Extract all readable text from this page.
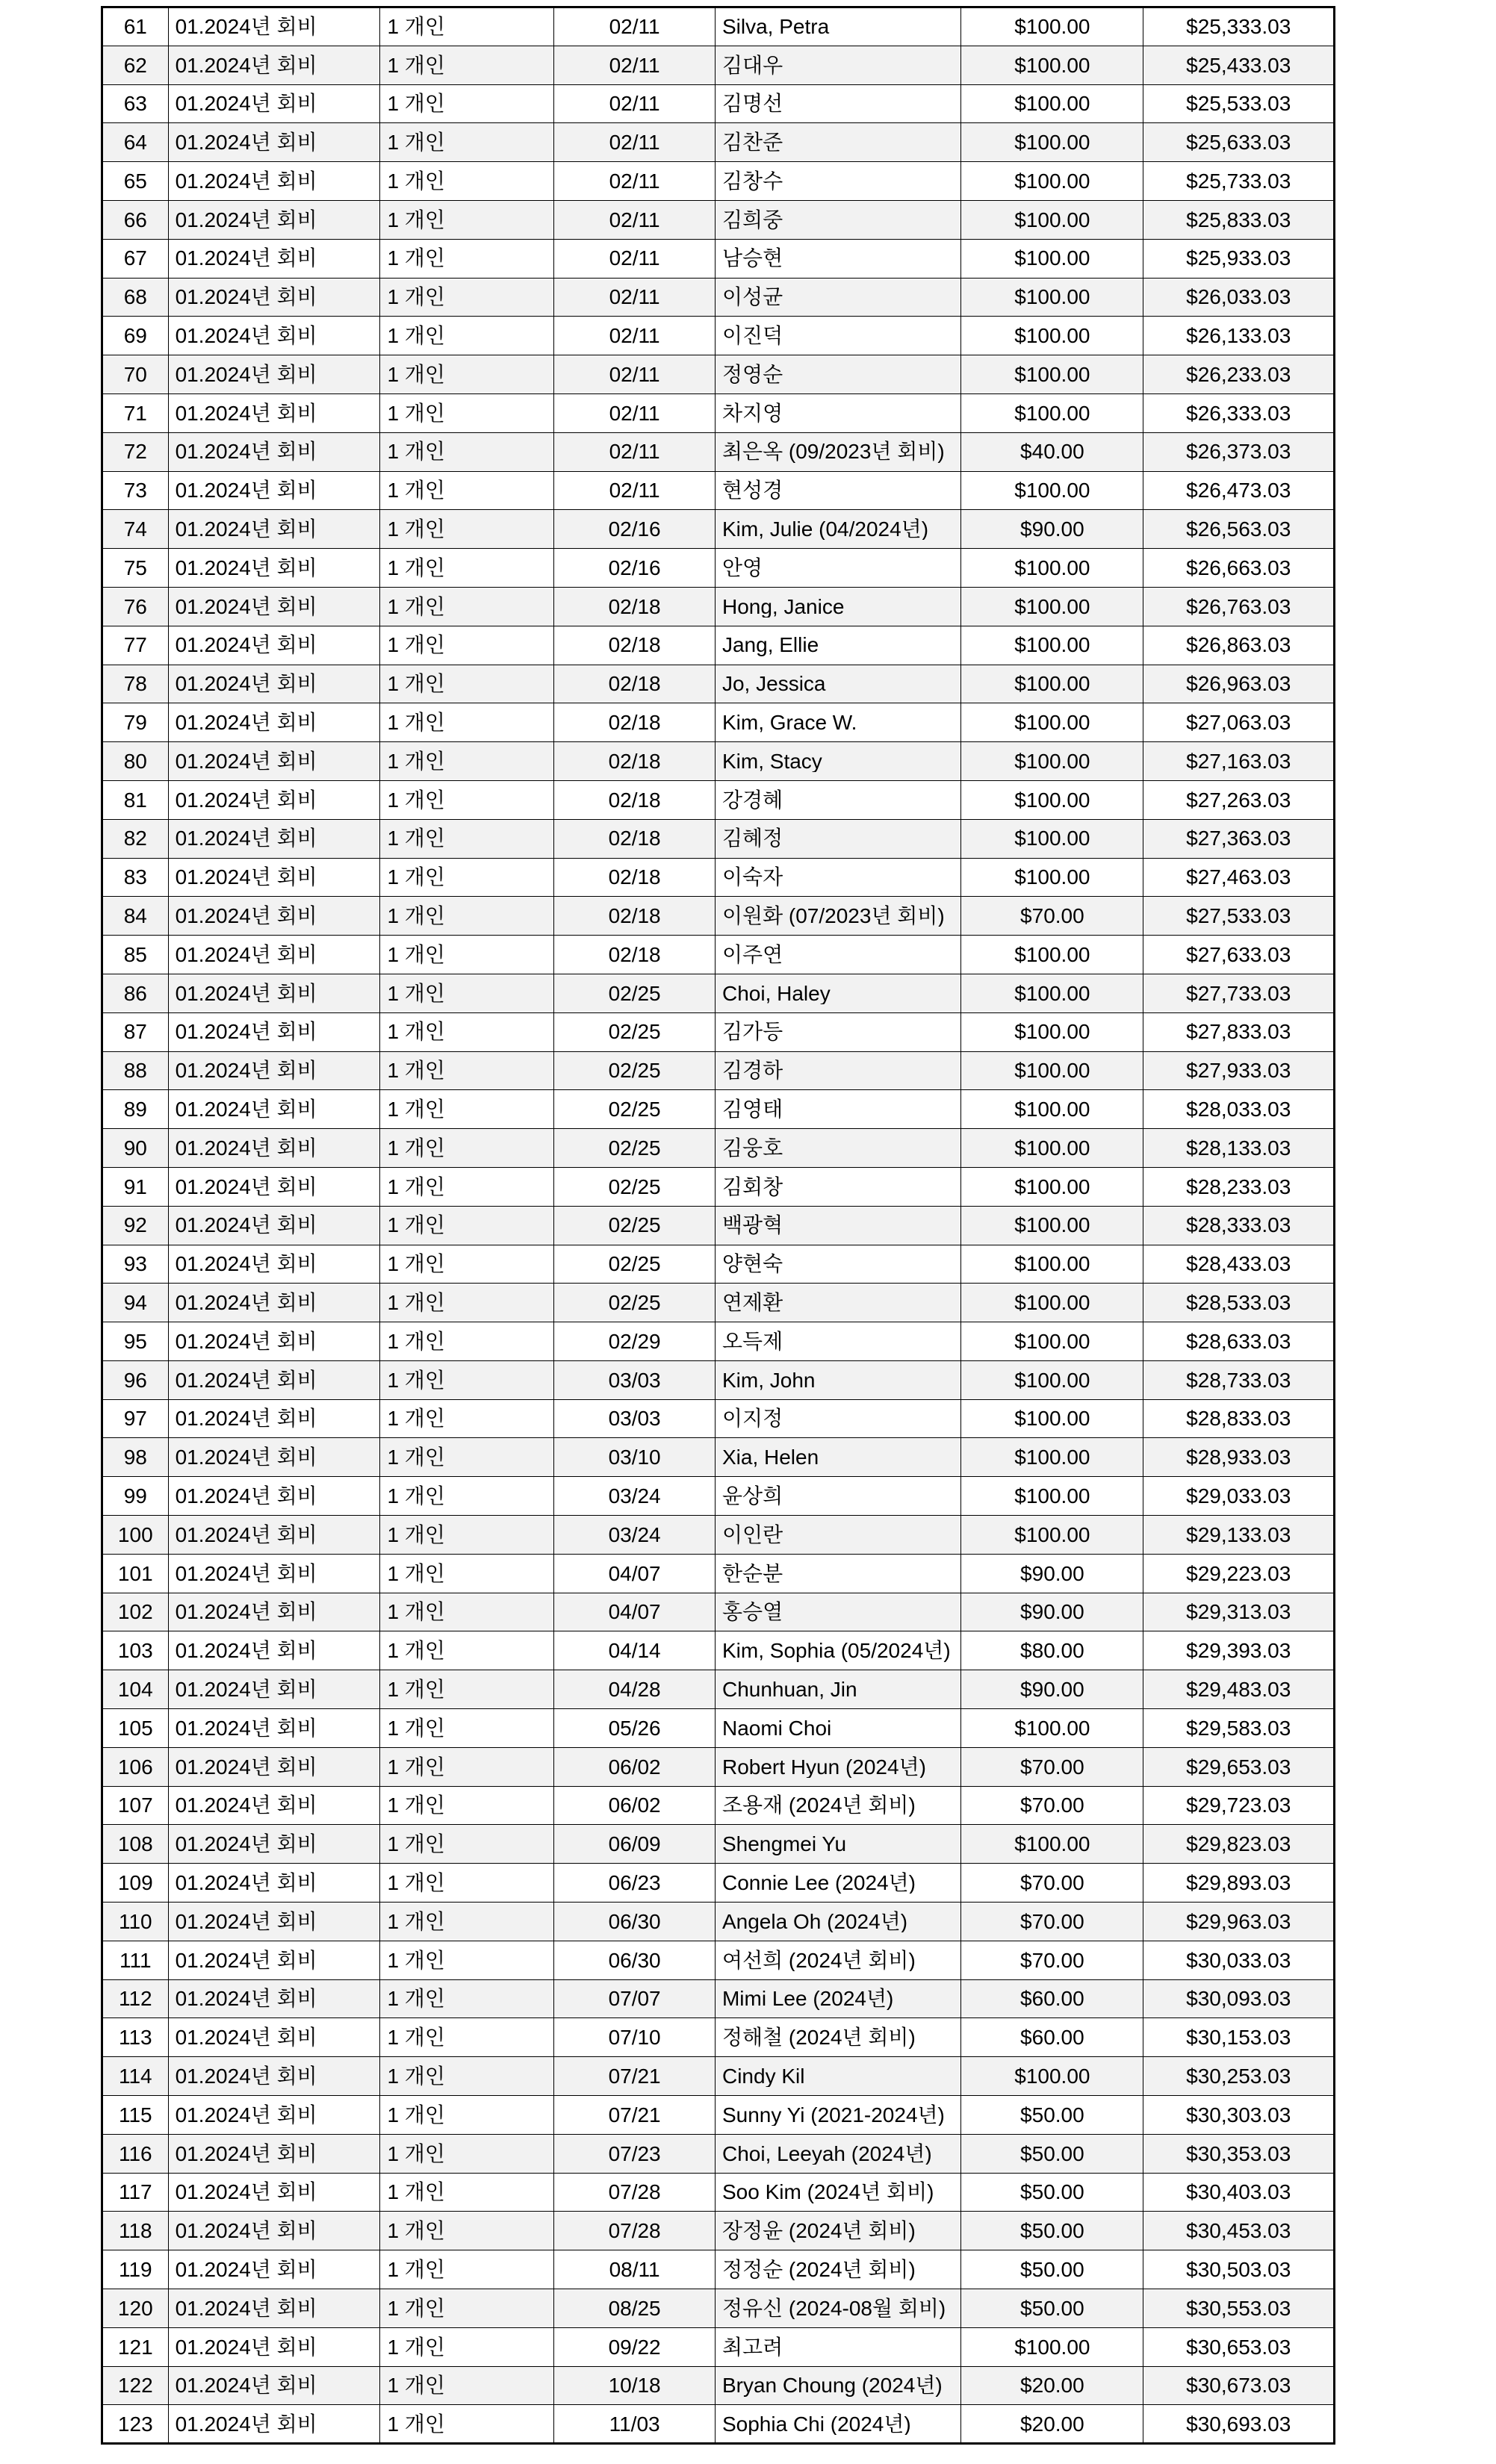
61	01.2024년 회비	1 개인	02/11	Silva, Petra	$100.00	$25,333.03
62	01.2024년 회비	1 개인	02/11	김대우	$100.00	$25,433.03
63	01.2024년 회비	1 개인	02/11	김명선	$100.00	$25,533.03
64	01.2024년 회비	1 개인	02/11	김찬준	$100.00	$25,633.03
65	01.2024년 회비	1 개인	02/11	김창수	$100.00	$25,733.03
66	01.2024년 회비	1 개인	02/11	김희중	$100.00	$25,833.03
67	01.2024년 회비	1 개인	02/11	남승현	$100.00	$25,933.03
68	01.2024년 회비	1 개인	02/11	이성균	$100.00	$26,033.03
69	01.2024년 회비	1 개인	02/11	이진덕	$100.00	$26,133.03
70	01.2024년 회비	1 개인	02/11	정영순	$100.00	$26,233.03
71	01.2024년 회비	1 개인	02/11	차지영	$100.00	$26,333.03
72	01.2024년 회비	1 개인	02/11	최은옥 (09/2023년 회비)	$40.00	$26,373.03
73	01.2024년 회비	1 개인	02/11	현성경	$100.00	$26,473.03
74	01.2024년 회비	1 개인	02/16	Kim, Julie (04/2024년)	$90.00	$26,563.03
75	01.2024년 회비	1 개인	02/16	안영	$100.00	$26,663.03
76	01.2024년 회비	1 개인	02/18	Hong, Janice	$100.00	$26,763.03
77	01.2024년 회비	1 개인	02/18	Jang, Ellie	$100.00	$26,863.03
78	01.2024년 회비	1 개인	02/18	Jo, Jessica	$100.00	$26,963.03
79	01.2024년 회비	1 개인	02/18	Kim, Grace W.	$100.00	$27,063.03
80	01.2024년 회비	1 개인	02/18	Kim, Stacy	$100.00	$27,163.03
81	01.2024년 회비	1 개인	02/18	강경혜	$100.00	$27,263.03
82	01.2024년 회비	1 개인	02/18	김혜정	$100.00	$27,363.03
83	01.2024년 회비	1 개인	02/18	이숙자	$100.00	$27,463.03
84	01.2024년 회비	1 개인	02/18	이원화 (07/2023년 회비)	$70.00	$27,533.03
85	01.2024년 회비	1 개인	02/18	이주연	$100.00	$27,633.03
86	01.2024년 회비	1 개인	02/25	Choi, Haley	$100.00	$27,733.03
87	01.2024년 회비	1 개인	02/25	김가등	$100.00	$27,833.03
88	01.2024년 회비	1 개인	02/25	김경하	$100.00	$27,933.03
89	01.2024년 회비	1 개인	02/25	김영태	$100.00	$28,033.03
90	01.2024년 회비	1 개인	02/25	김웅호	$100.00	$28,133.03
91	01.2024년 회비	1 개인	02/25	김회창	$100.00	$28,233.03
92	01.2024년 회비	1 개인	02/25	백광혁	$100.00	$28,333.03
93	01.2024년 회비	1 개인	02/25	양현숙	$100.00	$28,433.03
94	01.2024년 회비	1 개인	02/25	연제환	$100.00	$28,533.03
95	01.2024년 회비	1 개인	02/29	오득제	$100.00	$28,633.03
96	01.2024년 회비	1 개인	03/03	Kim, John	$100.00	$28,733.03
97	01.2024년 회비	1 개인	03/03	이지정	$100.00	$28,833.03
98	01.2024년 회비	1 개인	03/10	Xia, Helen	$100.00	$28,933.03
99	01.2024년 회비	1 개인	03/24	윤상희	$100.00	$29,033.03
100	01.2024년 회비	1 개인	03/24	이인란	$100.00	$29,133.03
101	01.2024년 회비	1 개인	04/07	한순분	$90.00	$29,223.03
102	01.2024년 회비	1 개인	04/07	홍승열	$90.00	$29,313.03
103	01.2024년 회비	1 개인	04/14	Kim, Sophia (05/2024년)	$80.00	$29,393.03
104	01.2024년 회비	1 개인	04/28	Chunhuan, Jin	$90.00	$29,483.03
105	01.2024년 회비	1 개인	05/26	Naomi Choi	$100.00	$29,583.03
106	01.2024년 회비	1 개인	06/02	Robert Hyun (2024년)	$70.00	$29,653.03
107	01.2024년 회비	1 개인	06/02	조용재 (2024년 회비)	$70.00	$29,723.03
108	01.2024년 회비	1 개인	06/09	Shengmei Yu	$100.00	$29,823.03
109	01.2024년 회비	1 개인	06/23	Connie Lee (2024년)	$70.00	$29,893.03
110	01.2024년 회비	1 개인	06/30	Angela Oh (2024년)	$70.00	$29,963.03
111	01.2024년 회비	1 개인	06/30	여선희 (2024년 회비)	$70.00	$30,033.03
112	01.2024년 회비	1 개인	07/07	Mimi Lee (2024년)	$60.00	$30,093.03
113	01.2024년 회비	1 개인	07/10	정해철 (2024년 회비)	$60.00	$30,153.03
114	01.2024년 회비	1 개인	07/21	Cindy Kil	$100.00	$30,253.03
115	01.2024년 회비	1 개인	07/21	Sunny Yi (2021-2024년)	$50.00	$30,303.03
116	01.2024년 회비	1 개인	07/23	Choi, Leeyah (2024년)	$50.00	$30,353.03
117	01.2024년 회비	1 개인	07/28	Soo Kim (2024년 회비)	$50.00	$30,403.03
118	01.2024년 회비	1 개인	07/28	장정윤 (2024년 회비)	$50.00	$30,453.03
119	01.2024년 회비	1 개인	08/11	정정순 (2024년 회비)	$50.00	$30,503.03
120	01.2024년 회비	1 개인	08/25	정유신 (2024-08월 회비)	$50.00	$30,553.03
121	01.2024년 회비	1 개인	09/22	최고려	$100.00	$30,653.03
122	01.2024년 회비	1 개인	10/18	Bryan Choung (2024년)	$20.00	$30,673.03
123	01.2024년 회비	1 개인	11/03	Sophia Chi (2024년)	$20.00	$30,693.03
